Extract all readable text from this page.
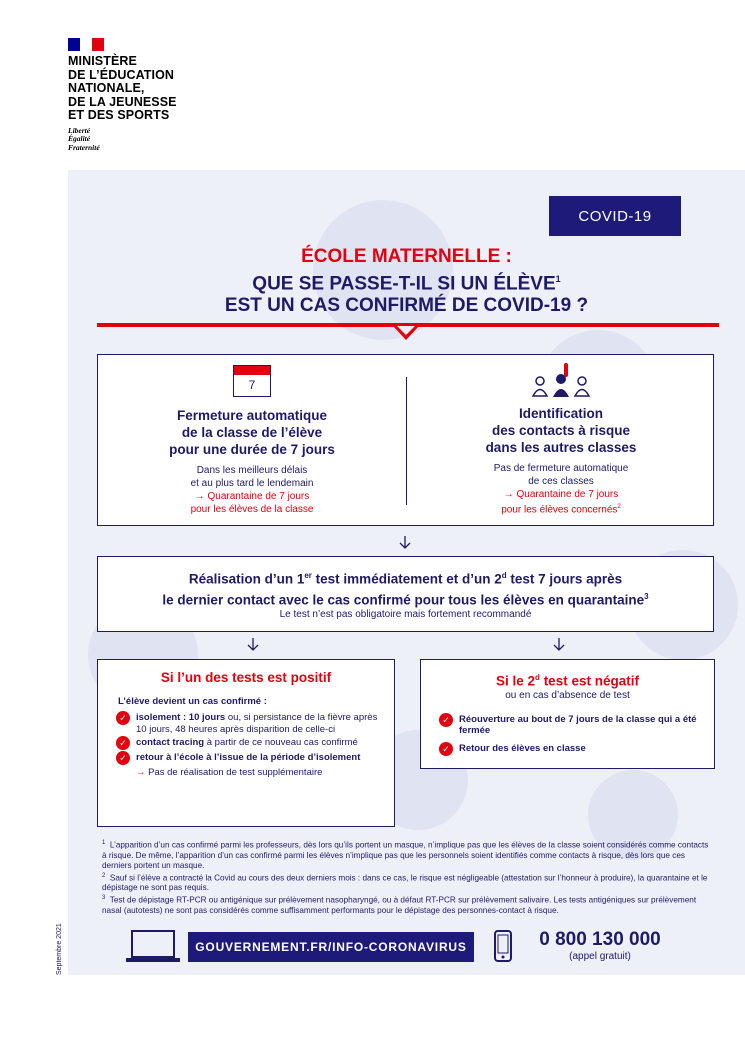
MINISTÈRE
DE L’ÉDUCATION
NATIONALE,
DE LA JEUNESSE
ET DES SPORTS
Liberté
Égalité
Fraternité
COVID-19
ÉCOLE MATERNELLE :
QUE SE PASSE-T-IL SI UN ÉLÈVE$^1$
EST UN CAS CONFIRMÉ DE COVID-19 ?
7
Fermeture automatique
de la classe de l’élève
pour une durée de 7 jours

Dans les meilleurs délais
et au plus tard le lendemain

→ Quarantaine de 7 jours
pour les élèves de la classe

Identification
des contacts à risque
dans les autres classes

Pas de fermeture automatique
de ces classes

→ Quarantaine de 7 jours
pour les élèves concernés$^2$

Réalisation d’un 1er test immédiatement et d’un 2$^d$ test 7 jours après
le dernier contact avec le cas confirmé pour tous les élèves en quarantaine$^3$

Le test n’est pas obligatoire mais fortement recommandé

Si l’un des tests est positif
L’élève devient un cas confirmé :
✓ isolement : 10 jours ou, si persistance de la fièvre après 10 jours, 48 heures après disparition de celle-ci
✓ contact tracing à partir de ce nouveau cas confirmé
✓ retour à l’école à l’issue de la période d’isolement
→ Pas de réalisation de test supplémentaire
Si le 2$^d$ test est négatif
ou en cas d’absence de test
✓ Réouverture au bout de 7 jours de la classe qui a été fermée
✓ Retour des élèves en classe
$^1$ L’apparition d’un cas confirmé parmi les professeurs, dès lors qu’ils portent un masque, n’implique pas que les élèves de la classe soient considérés comme contacts à risque. De même, l’apparition d’un cas confirmé parmi les élèves n’implique pas que les personnels soient identifiés comme contacts à risque, dès lors que ces derniers portent un masque.
$^2$ Sauf si l’élève a contracté la Covid au cours des deux derniers mois : dans ce cas, le risque est négligeable (attestation sur l’honneur à produire), la quarantaine et le dépistage ne sont pas requis.
$^3$ Test de dépistage RT-PCR ou antigénique sur prélèvement nasopharyngé, ou à défaut RT-PCR sur prélèvement salivaire. Les tests antigéniques sur prélèvement nasal (autotests) ne sont pas considérés comme suffisamment performants pour le dépistage des personnes-contact à risque.
GOUVERNEMENT.FR/INFO-CORONAVIRUS	0 800 130 000
(appel gratuit)
Septembre 2021
